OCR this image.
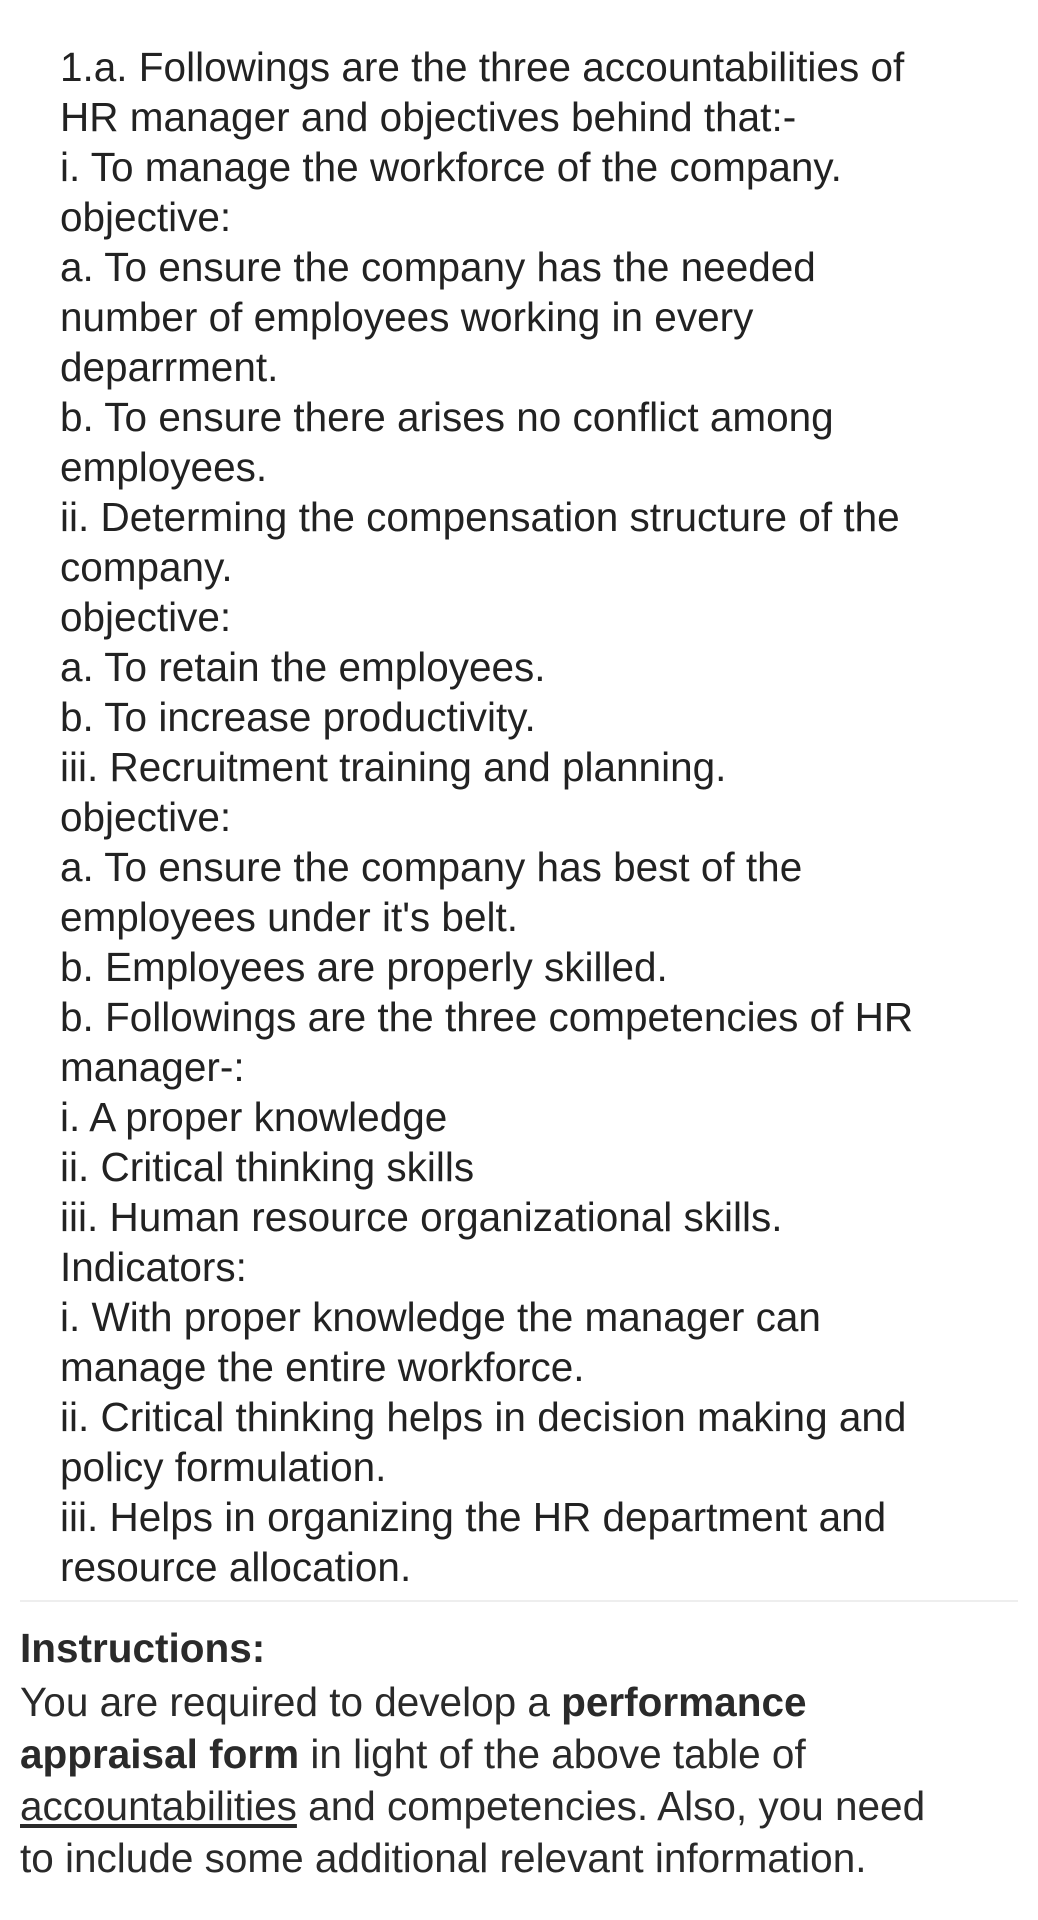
1.a. Followings are the three accountabilities of
HR manager and objectives behind that:-
i. To manage the workforce of the company.
objective:
a. To ensure the company has the needed
number of employees working in every
deparrment.
b. To ensure there arises no conflict among
employees.
ii. Determing the compensation structure of the
company.
objective:
a. To retain the employees.
b. To increase productivity.
iii. Recruitment training and planning.
objective:
a. To ensure the company has best of the
employees under it's belt.
b. Employees are properly skilled.
b. Followings are the three competencies of HR
manager-:
i. A proper knowledge
ii. Critical thinking skills
iii. Human resource organizational skills.
Indicators:
i. With proper knowledge the manager can
manage the entire workforce.
ii. Critical thinking helps in decision making and
policy formulation.
iii. Helps in organizing the HR department and
resource allocation.
Instructions:
You are required to develop a performance
appraisal form in light of the above table of
accountabilities and competencies. Also, you need
to include some additional relevant information.
